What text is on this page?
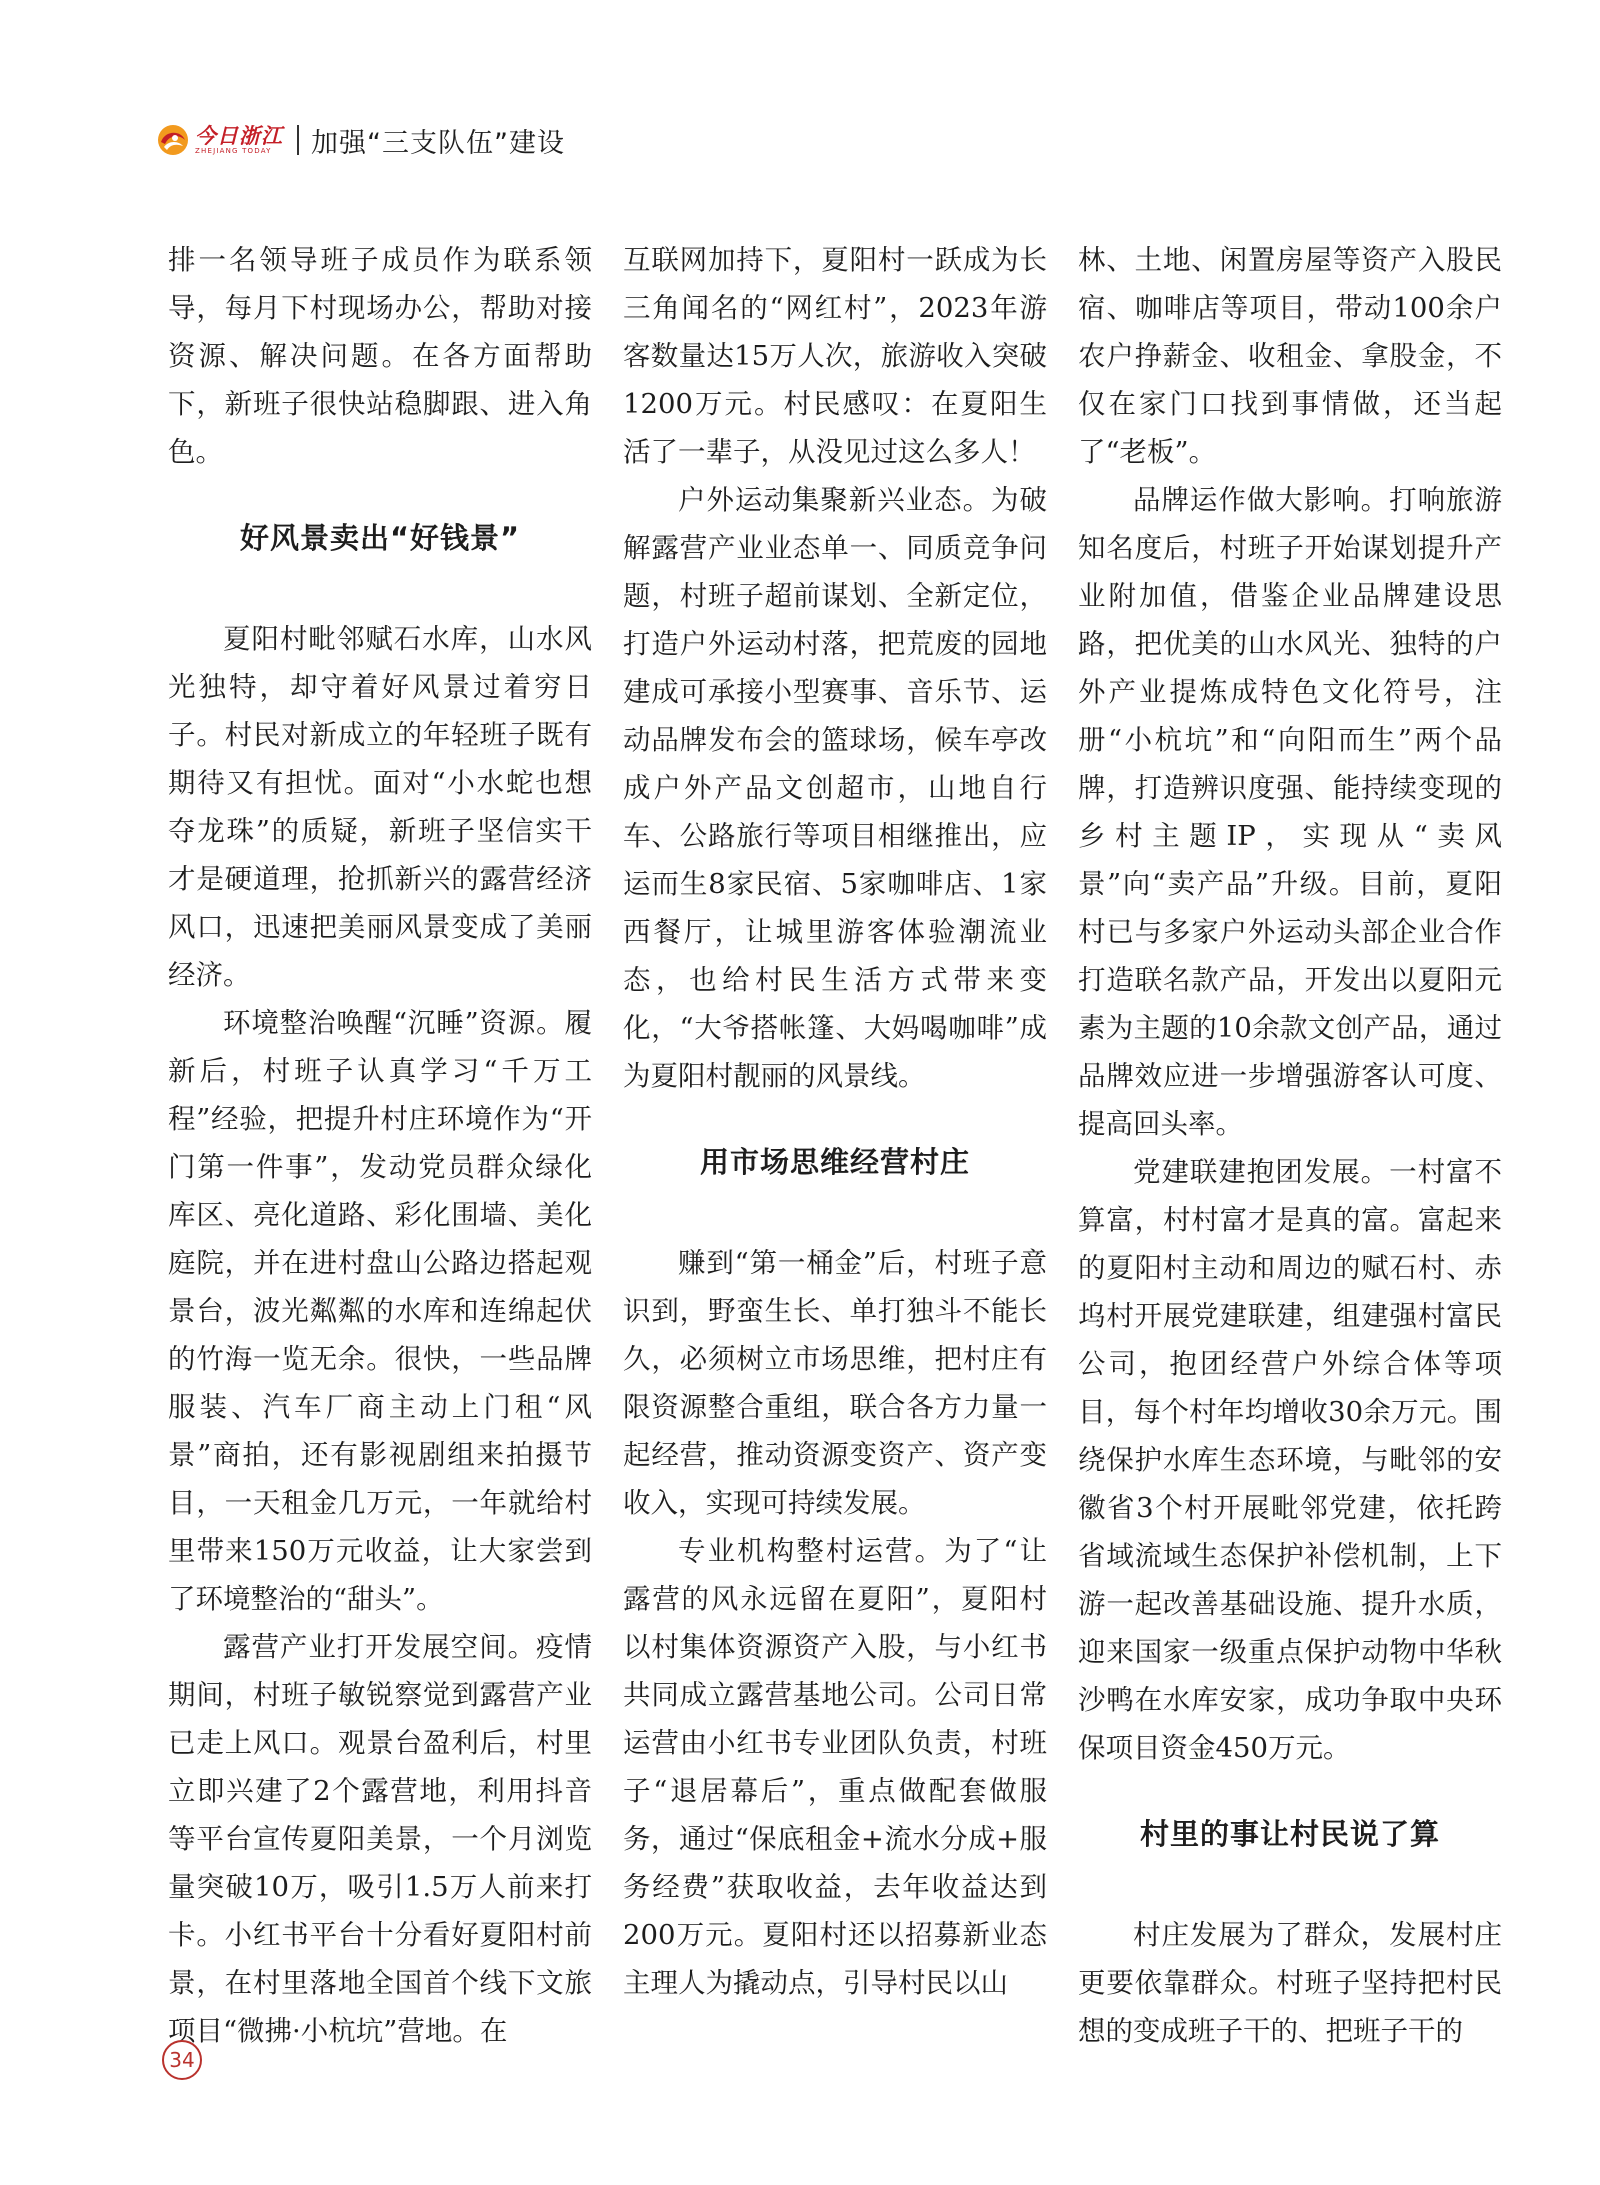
今日浙江
ZHEJIANG TODAY	加强“三支队伍”建设

排一名领导班子成员作为联系领导，每月下村现场办公，帮助对接资源、解决问题。在各方面帮助下，新班子很快站稳脚跟、进入角色。

好风景卖出“好钱景”

夏阳村毗邻赋石水库，山水风光独特，却守着好风景过着穷日子。村民对新成立的年轻班子既有期待又有担忧。面对“小水蛇也想夺龙珠”的质疑，新班子坚信实干才是硬道理，抢抓新兴的露营经济风口，迅速把美丽风景变成了美丽经济。

环境整治唤醒“沉睡”资源。履新后，村班子认真学习“千万工程”经验，把提升村庄环境作为“开门第一件事”，发动党员群众绿化库区、亮化道路、彩化围墙、美化庭院，并在进村盘山公路边搭起观景台，波光粼粼的水库和连绵起伏的竹海一览无余。很快，一些品牌服装、汽车厂商主动上门租“风景”商拍，还有影视剧组来拍摄节目，一天租金几万元，一年就给村里带来150万元收益，让大家尝到了环境整治的“甜头”。

露营产业打开发展空间。疫情期间，村班子敏锐察觉到露营产业已走上风口。观景台盈利后，村里立即兴建了2个露营地，利用抖音等平台宣传夏阳美景，一个月浏览量突破10万，吸引1.5万人前来打卡。小红书平台十分看好夏阳村前景，在村里落地全国首个线下文旅项目“微拂·小杭坑”营地。在

互联网加持下，夏阳村一跃成为长三角闻名的“网红村”，2023年游客数量达15万人次，旅游收入突破1200万元。村民感叹：在夏阳生活了一辈子，从没见过这么多人！

户外运动集聚新兴业态。为破解露营产业业态单一、同质竞争问题，村班子超前谋划、全新定位，打造户外运动村落，把荒废的园地建成可承接小型赛事、音乐节、运动品牌发布会的篮球场，候车亭改成户外产品文创超市，山地自行车、公路旅行等项目相继推出，应运而生8家民宿、5家咖啡店、1家西餐厅，让城里游客体验潮流业态，也给村民生活方式带来变化，“大爷搭帐篷、大妈喝咖啡”成为夏阳村靓丽的风景线。

用市场思维经营村庄

赚到“第一桶金”后，村班子意识到，野蛮生长、单打独斗不能长久，必须树立市场思维，把村庄有限资源整合重组，联合各方力量一起经营，推动资源变资产、资产变收入，实现可持续发展。

专业机构整村运营。为了“让露营的风永远留在夏阳”，夏阳村以村集体资源资产入股，与小红书共同成立露营基地公司。公司日常运营由小红书专业团队负责，村班子“退居幕后”，重点做配套做服务，通过“保底租金+流水分成+服务经费”获取收益，去年收益达到200万元。夏阳村还以招募新业态主理人为撬动点，引导村民以山

林、土地、闲置房屋等资产入股民宿、咖啡店等项目，带动100余户农户挣薪金、收租金、拿股金，不仅在家门口找到事情做，还当起了“老板”。

品牌运作做大影响。打响旅游知名度后，村班子开始谋划提升产业附加值，借鉴企业品牌建设思路，把优美的山水风光、独特的户外产业提炼成特色文化符号，注册“小杭坑”和“向阳而生”两个品牌，打造辨识度强、能持续变现的乡村主题IP，实现从“卖风景”向“卖产品”升级。目前，夏阳村已与多家户外运动头部企业合作打造联名款产品，开发出以夏阳元素为主题的10余款文创产品，通过品牌效应进一步增强游客认可度、提高回头率。

党建联建抱团发展。一村富不算富，村村富才是真的富。富起来的夏阳村主动和周边的赋石村、赤坞村开展党建联建，组建强村富民公司，抱团经营户外综合体等项目，每个村年均增收30余万元。围绕保护水库生态环境，与毗邻的安徽省3个村开展毗邻党建，依托跨省域流域生态保护补偿机制，上下游一起改善基础设施、提升水质，迎来国家一级重点保护动物中华秋沙鸭在水库安家，成功争取中央环保项目资金450万元。

村里的事让村民说了算

村庄发展为了群众，发展村庄更要依靠群众。村班子坚持把村民想的变成班子干的、把班子干的

34
